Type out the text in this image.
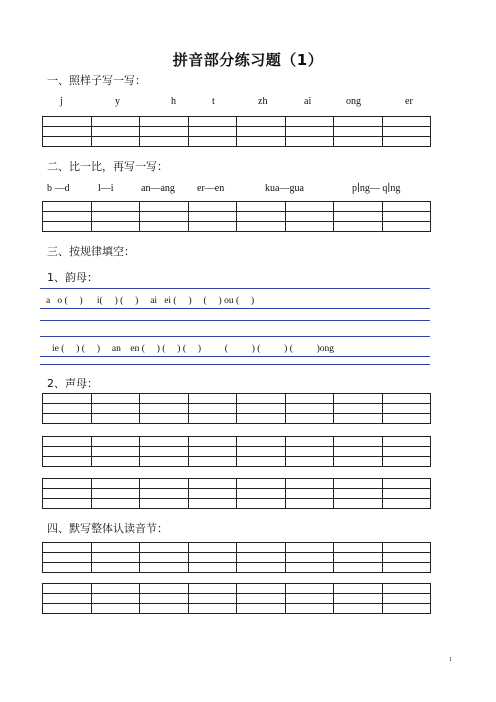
拼音部分练习题（1）
一、照样子写一写：
j	y	h	t	zh	ai	ong	er

二、比一比，再写一写：
b —d	l—i	an—ang er—en	kua—gua	p∣ng— q∣ng

三、按规律填空：
1、韵母：
a   o (     )      i(     ) (     )     ai   ei (     )     (     ) ou (     )
ie (     ) (     )     an    en (     ) (     ) (     )          (          ) (          ) (          )ong
2、声母：

四、默写整体认读音节：

1
